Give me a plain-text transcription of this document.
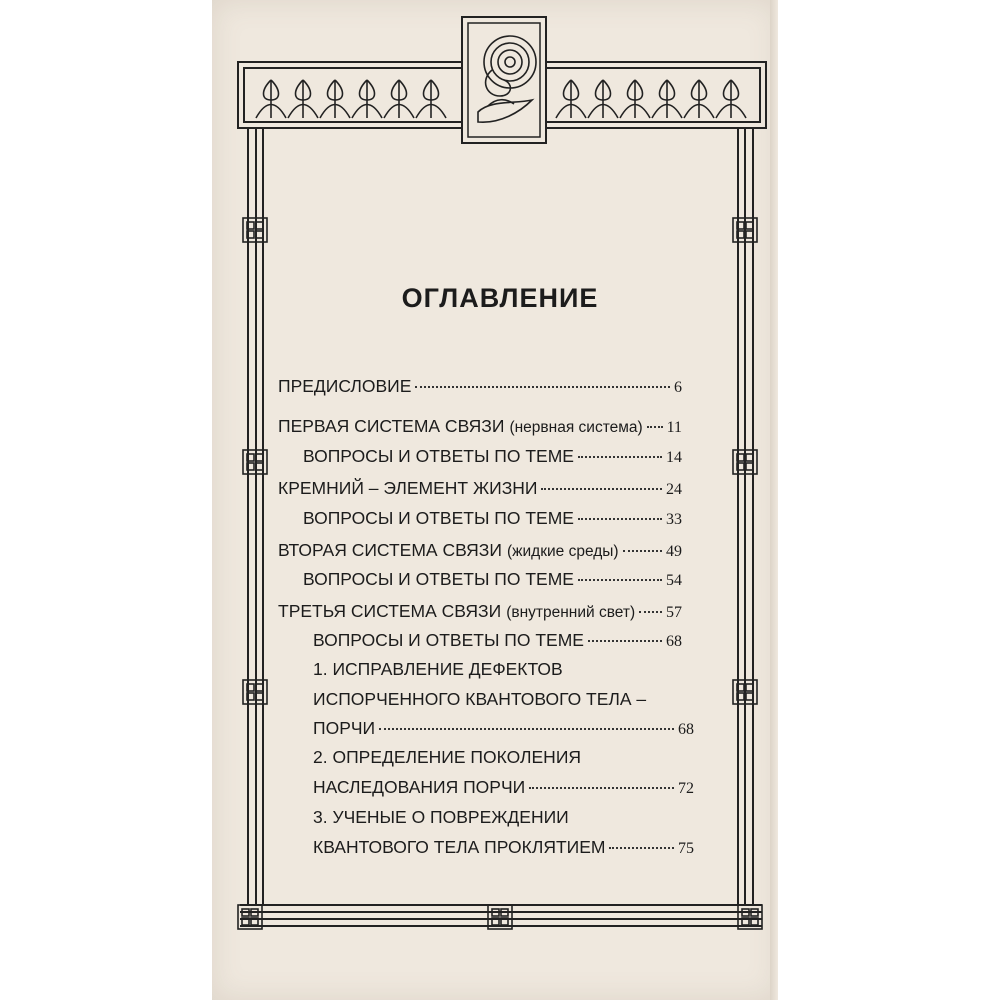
ОГЛАВЛЕНИЕ
ПРЕДИСЛОВИЕ	6
ПЕРВАЯ СИСТЕМА СВЯЗИ (нервная система) 11
ВОПРОСЫ И ОТВЕТЫ ПО ТЕМЕ	14
КРЕМНИЙ – ЭЛЕМЕНТ ЖИЗНИ	24
ВОПРОСЫ И ОТВЕТЫ ПО ТЕМЕ	33
ВТОРАЯ СИСТЕМА СВЯЗИ (жидкие среды)	49
ВОПРОСЫ И ОТВЕТЫ ПО ТЕМЕ	54
ТРЕТЬЯ СИСТЕМА СВЯЗИ (внутренний свет) 57
ВОПРОСЫ И ОТВЕТЫ ПО ТЕМЕ	68
1. ИСПРАВЛЕНИЕ ДЕФЕКТОВ
ИСПОРЧЕННОГО КВАНТОВОГО ТЕЛА –
ПОРЧИ	68
2. ОПРЕДЕЛЕНИЕ ПОКОЛЕНИЯ
НАСЛЕДОВАНИЯ ПОРЧИ	72
3. УЧЕНЫЕ О ПОВРЕЖДЕНИИ
КВАНТОВОГО ТЕЛА ПРОКЛЯТИЕМ	75
